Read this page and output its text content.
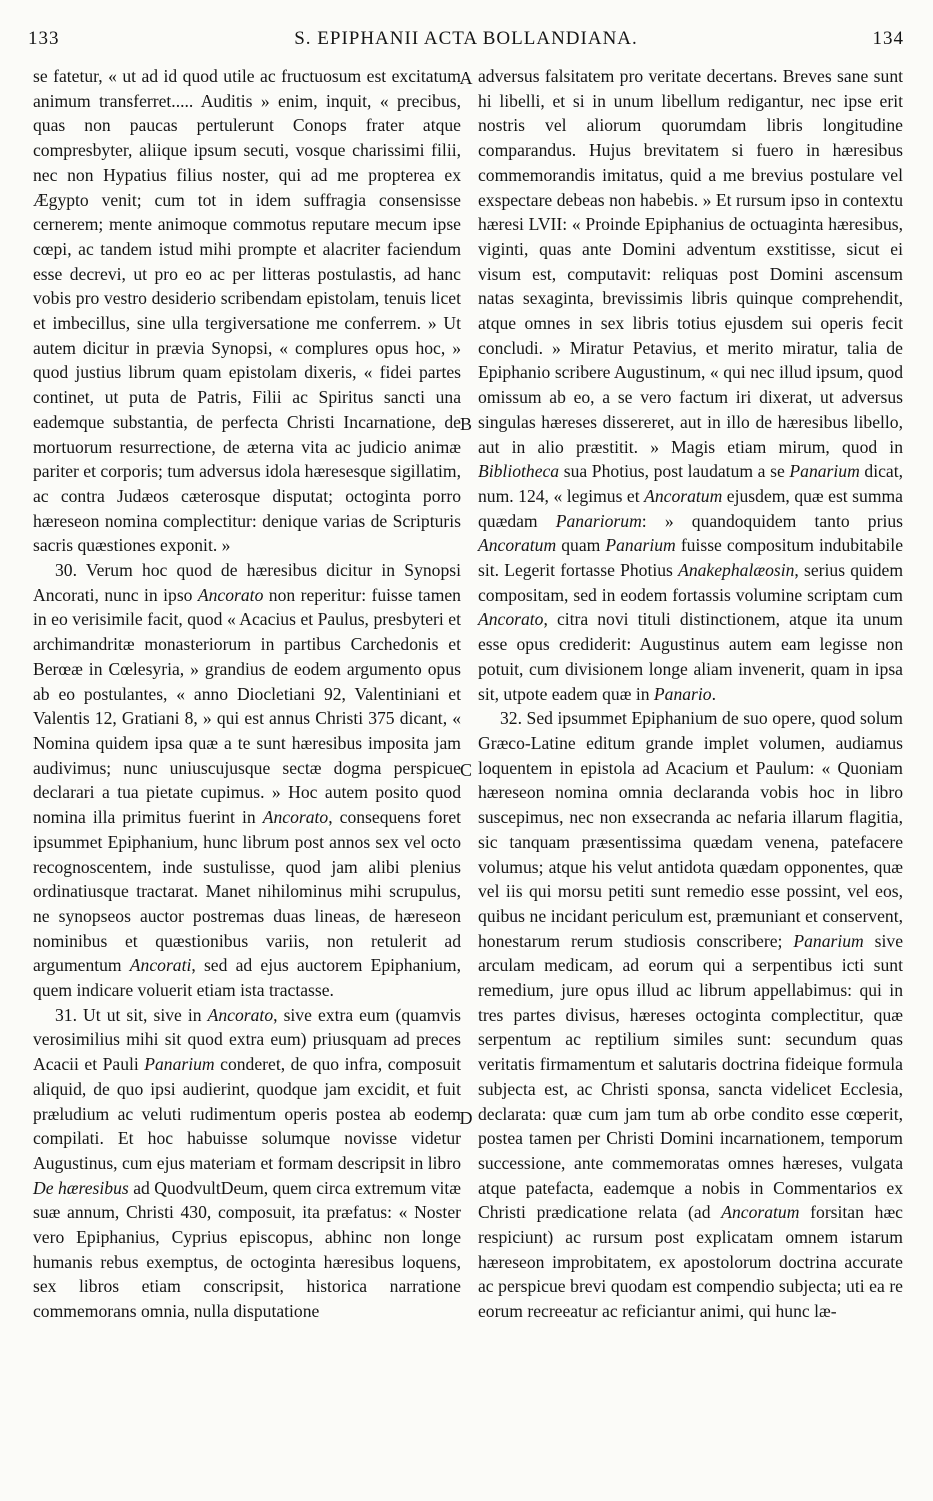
133	S. EPIPHANII ACTA BOLLANDIANA.	134
A
B
C
D

se fatetur, « ut ad id quod utile ac fructuosum est excitatum animum transferret..... Auditis » enim, inquit, « precibus, quas non paucas pertulerunt Conops frater atque compresbyter, aliique ipsum secuti, vosque charissimi filii, nec non Hypatius filius noster, qui ad me propterea ex Ægypto venit; cum tot in idem suffragia consensisse cernerem; mente animoque commotus reputare mecum ipse cœpi, ac tandem istud mihi prompte et alacriter faciendum esse decrevi, ut pro eo ac per litteras postulastis, ad hanc vobis pro vestro desiderio scribendam epistolam, tenuis licet et imbecillus, sine ulla tergiversatione me conferrem. » Ut autem dicitur in prævia Synopsi, « complures opus hoc, » quod justius librum quam epistolam dixeris, « fidei partes continet, ut puta de Patris, Filii ac Spiritus sancti una eademque substantia, de perfecta Christi Incarnatione, de mortuorum resurrectione, de æterna vita ac judicio animæ pariter et corporis; tum adversus idola hæresesque sigillatim, ac contra Judæos cæterosque disputat; octoginta porro hæreseon nomina complectitur: denique varias de Scripturis sacris quæstiones exponit. »

30. Verum hoc quod de hæresibus dicitur in Synopsi Ancorati, nunc in ipso Ancorato non reperitur: fuisse tamen in eo verisimile facit, quod « Acacius et Paulus, presbyteri et archimandritæ monasteriorum in partibus Carchedonis et Berœæ in Cœlesyria, » grandius de eodem argumento opus ab eo postulantes, « anno Diocletiani 92, Valentiniani et Valentis 12, Gratiani 8, » qui est annus Christi 375 dicant, « Nomina quidem ipsa quæ a te sunt hæresibus imposita jam audivimus; nunc uniuscujusque sectæ dogma perspicue declarari a tua pietate cupimus. » Hoc autem posito quod nomina illa primitus fuerint in Ancorato, consequens foret ipsummet Epiphanium, hunc librum post annos sex vel octo recognoscentem, inde sustulisse, quod jam alibi plenius ordinatiusque tractarat. Manet nihilominus mihi scrupulus, ne synopseos auctor postremas duas lineas, de hæreseon nominibus et quæstionibus variis, non retulerit ad argumentum Ancorati, sed ad ejus auctorem Epiphanium, quem indicare voluerit etiam ista tractasse.

31. Ut ut sit, sive in Ancorato, sive extra eum (quamvis verosimilius mihi sit quod extra eum) priusquam ad preces Acacii et Pauli Panarium conderet, de quo infra, composuit aliquid, de quo ipsi audierint, quodque jam excidit, et fuit præludium ac veluti rudimentum operis postea ab eodem compilati. Et hoc habuisse solumque novisse videtur Augustinus, cum ejus materiam et formam descripsit in libro De hæresibus ad QuodvultDeum, quem circa extremum vitæ suæ annum, Christi 430, composuit, ita præfatus: « Noster vero Epiphanius, Cyprius episcopus, abhinc non longe humanis rebus exemptus, de octoginta hæresibus loquens, sex libros etiam conscripsit, historica narratione commemorans omnia, nulla disputatione

adversus falsitatem pro veritate decertans. Breves sane sunt hi libelli, et si in unum libellum redigantur, nec ipse erit nostris vel aliorum quorumdam libris longitudine comparandus. Hujus brevitatem si fuero in hæresibus commemorandis imitatus, quid a me brevius postulare vel exspectare debeas non habebis. » Et rursum ipso in contextu hæresi LVII: « Proinde Epiphanius de octuaginta hæresibus, viginti, quas ante Domini adventum exstitisse, sicut ei visum est, computavit: reliquas post Domini ascensum natas sexaginta, brevissimis libris quinque comprehendit, atque omnes in sex libris totius ejusdem sui operis fecit concludi. » Miratur Petavius, et merito miratur, talia de Epiphanio scribere Augustinum, « qui nec illud ipsum, quod omissum ab eo, a se vero factum iri dixerat, ut adversus singulas hæreses dissereret, aut in illo de hæresibus libello, aut in alio præstitit. » Magis etiam mirum, quod in Bibliotheca sua Photius, post laudatum a se Panarium dicat, num. 124, « legimus et Ancoratum ejusdem, quæ est summa quædam Panariorum: » quandoquidem tanto prius Ancoratum quam Panarium fuisse compositum indubitabile sit. Legerit fortasse Photius Anakephalæosin, serius quidem compositam, sed in eodem fortassis volumine scriptam cum Ancorato, citra novi tituli distinctionem, atque ita unum esse opus crediderit: Augustinus autem eam legisse non potuit, cum divisionem longe aliam invenerit, quam in ipsa sit, utpote eadem quæ in Panario.

32. Sed ipsummet Epiphanium de suo opere, quod solum Græco-Latine editum grande implet volumen, audiamus loquentem in epistola ad Acacium et Paulum: « Quoniam hæreseon nomina omnia declaranda vobis hoc in libro suscepimus, nec non exsecranda ac nefaria illarum flagitia, sic tanquam præsentissima quædam venena, patefacere volumus; atque his velut antidota quædam opponentes, quæ vel iis qui morsu petiti sunt remedio esse possint, vel eos, quibus ne incidant periculum est, præmuniant et conservent, honestarum rerum studiosis conscribere; Panarium sive arculam medicam, ad eorum qui a serpentibus icti sunt remedium, jure opus illud ac librum appellabimus: qui in tres partes divisus, hæreses octoginta complectitur, quæ serpentum ac reptilium similes sunt: secundum quas veritatis firmamentum et salutaris doctrina fideique formula subjecta est, ac Christi sponsa, sancta videlicet Ecclesia, declarata: quæ cum jam tum ab orbe condito esse cœperit, postea tamen per Christi Domini incarnationem, temporum successione, ante commemoratas omnes hæreses, vulgata atque patefacta, eademque a nobis in Commentarios ex Christi prædicatione relata (ad Ancoratum forsitan hæc respiciunt) ac rursum post explicatam omnem istarum hæreseon improbitatem, ex apostolorum doctrina accurate ac perspicue brevi quodam est compendio subjecta; uti ea re eorum recreeatur ac reficiantur animi, qui hunc læ-
